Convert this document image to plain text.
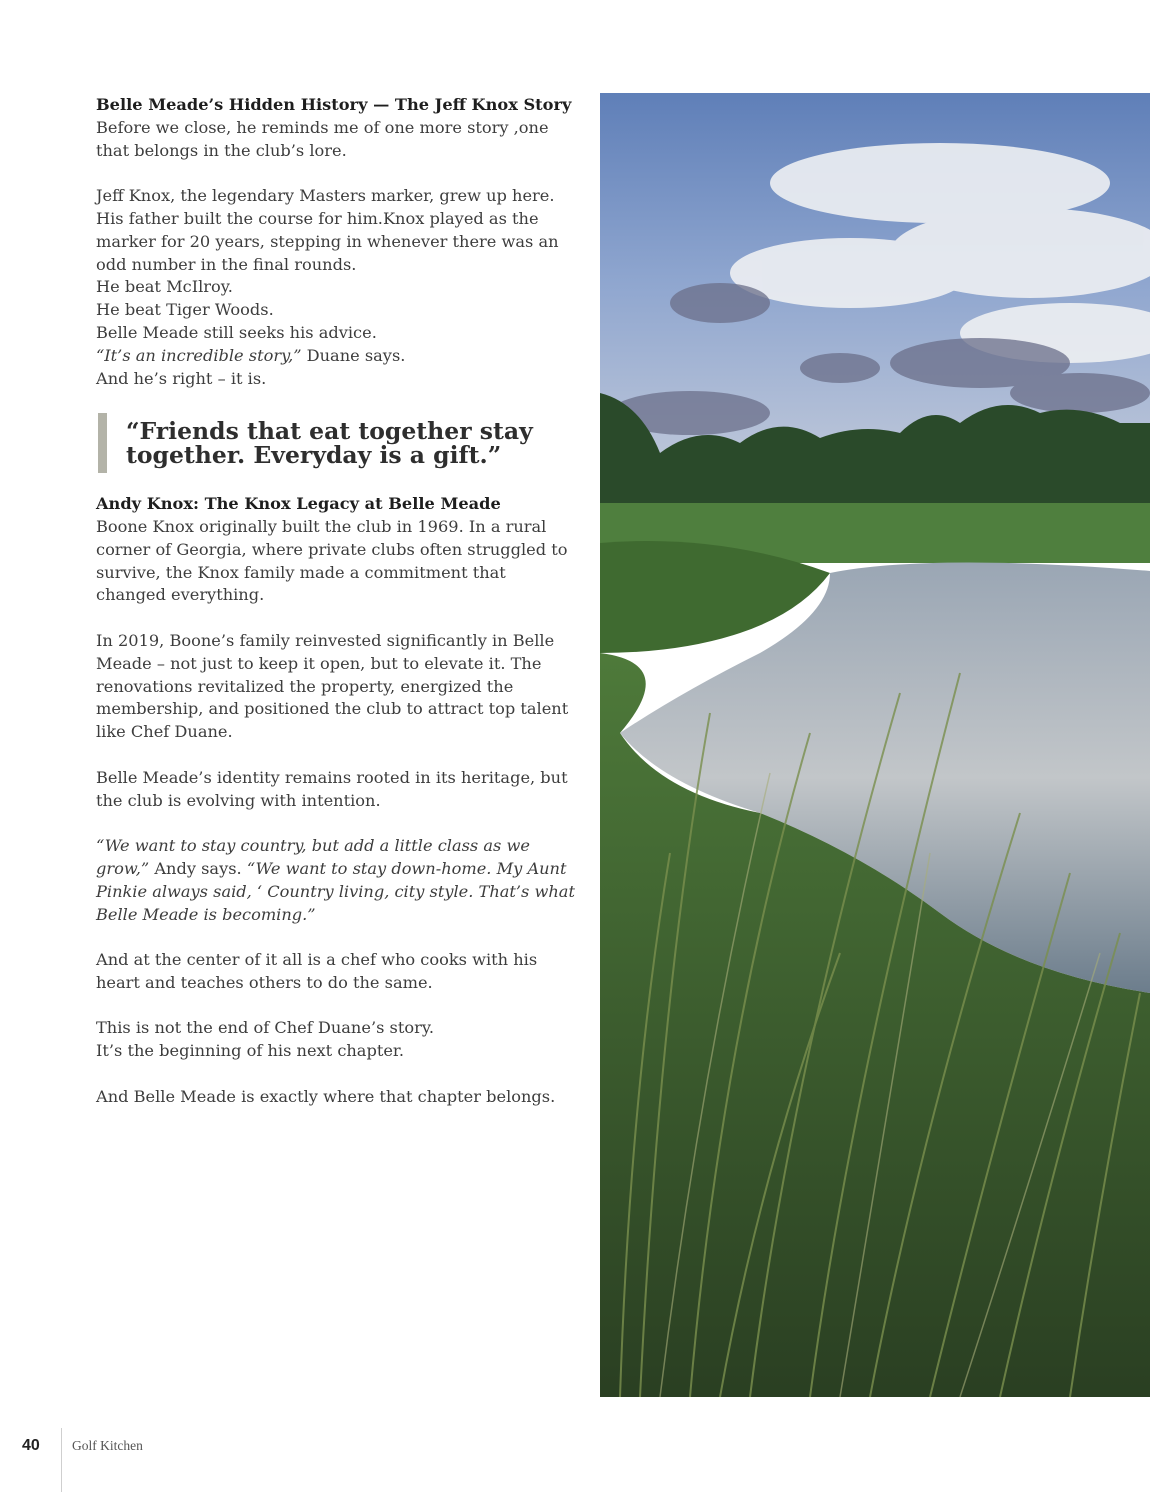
Belle Meade’s Hidden History — The Jeff Knox Story
Before we close, he reminds me of one more story ,one that belongs in the club’s lore.

Jeff Knox, the legendary Masters marker, grew up here. His father built the course for him.Knox played as the marker for 20 years, stepping in whenever there was an odd number in the final rounds.
He beat McIlroy.
He beat Tiger Woods.
Belle Meade still seeks his advice.
“It’s an incredible story,” Duane says.
And he’s right – it is.

“Friends that eat together stay
together. Everyday is a gift.”

Andy Knox: The Knox Legacy at Belle Meade
Boone Knox originally built the club in 1969. In a rural corner of Georgia, where private clubs often struggled to survive, the Knox family made a commitment that changed everything.

In 2019, Boone’s family reinvested significantly in Belle Meade – not just to keep it open, but to elevate it. The renovations revitalized the property, energized the membership, and positioned the club to attract top talent like Chef Duane.

Belle Meade’s identity remains rooted in its heritage, but the club is evolving with intention.

“We want to stay country, but add a little class as we grow,” Andy says. “We want to stay down-home. My Aunt Pinkie always said, ‘ Country living, city style. That’s what Belle Meade is becoming.”

And at the center of it all is a chef who cooks with his heart and teaches others to do the same.

This is not the end of Chef Duane’s story.
It’s the beginning of his next chapter.

And Belle Meade is exactly where that chapter belongs.

40 Golf Kitchen
